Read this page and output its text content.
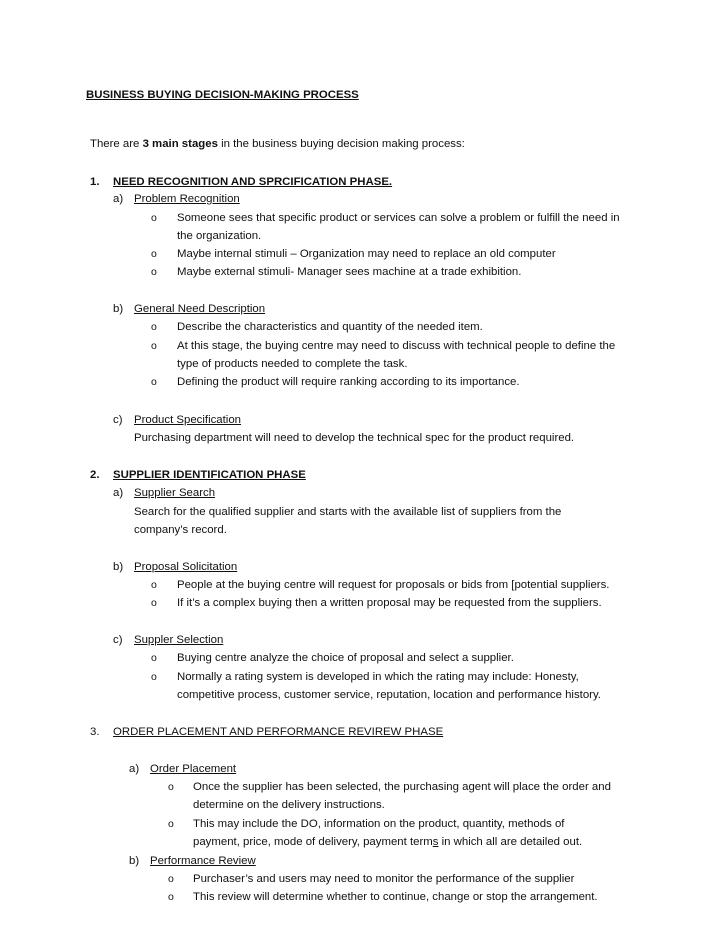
BUSINESS BUYING DECISION-MAKING PROCESS
There are 3 main stages in the business buying decision making process:
1. NEED RECOGNITION AND SPRCIFICATION PHASE.
a) Problem Recognition
o Someone sees that specific product or services can solve a problem or fulfill the need in
the organization.
o Maybe internal stimuli – Organization may need to replace an old computer
o Maybe external stimuli- Manager sees machine at a trade exhibition.
b) General Need Description
o Describe the characteristics and quantity of the needed item.
o At this stage, the buying centre may need to discuss with technical people to define the
type of products needed to complete the task.
o Defining the product will require ranking according to its importance.
c) Product Specification
Purchasing department will need to develop the technical spec for the product required.
2. SUPPLIER IDENTIFICATION PHASE
a) Supplier Search
Search for the qualified supplier and starts with the available list of suppliers from the
company’s record.
b) Proposal Solicitation
o People at the buying centre will request for proposals or bids from [potential suppliers.
o If it’s a complex buying then a written proposal may be requested from the suppliers.
c) Suppler Selection
o Buying centre analyze the choice of proposal and select a supplier.
o Normally a rating system is developed in which the rating may include: Honesty,
competitive process, customer service, reputation, location and performance history.
3. ORDER PLACEMENT AND PERFORMANCE REVIREW PHASE
a) Order Placement
o Once the supplier has been selected, the purchasing agent will place the order and
determine on the delivery instructions.
o This may include the DO, information on the product, quantity, methods of
payment, price, mode of delivery, payment terms in which all are detailed out.
b) Performance Review
o Purchaser’s and users may need to monitor the performance of the supplier
o This review will determine whether to continue, change or stop the arrangement.
